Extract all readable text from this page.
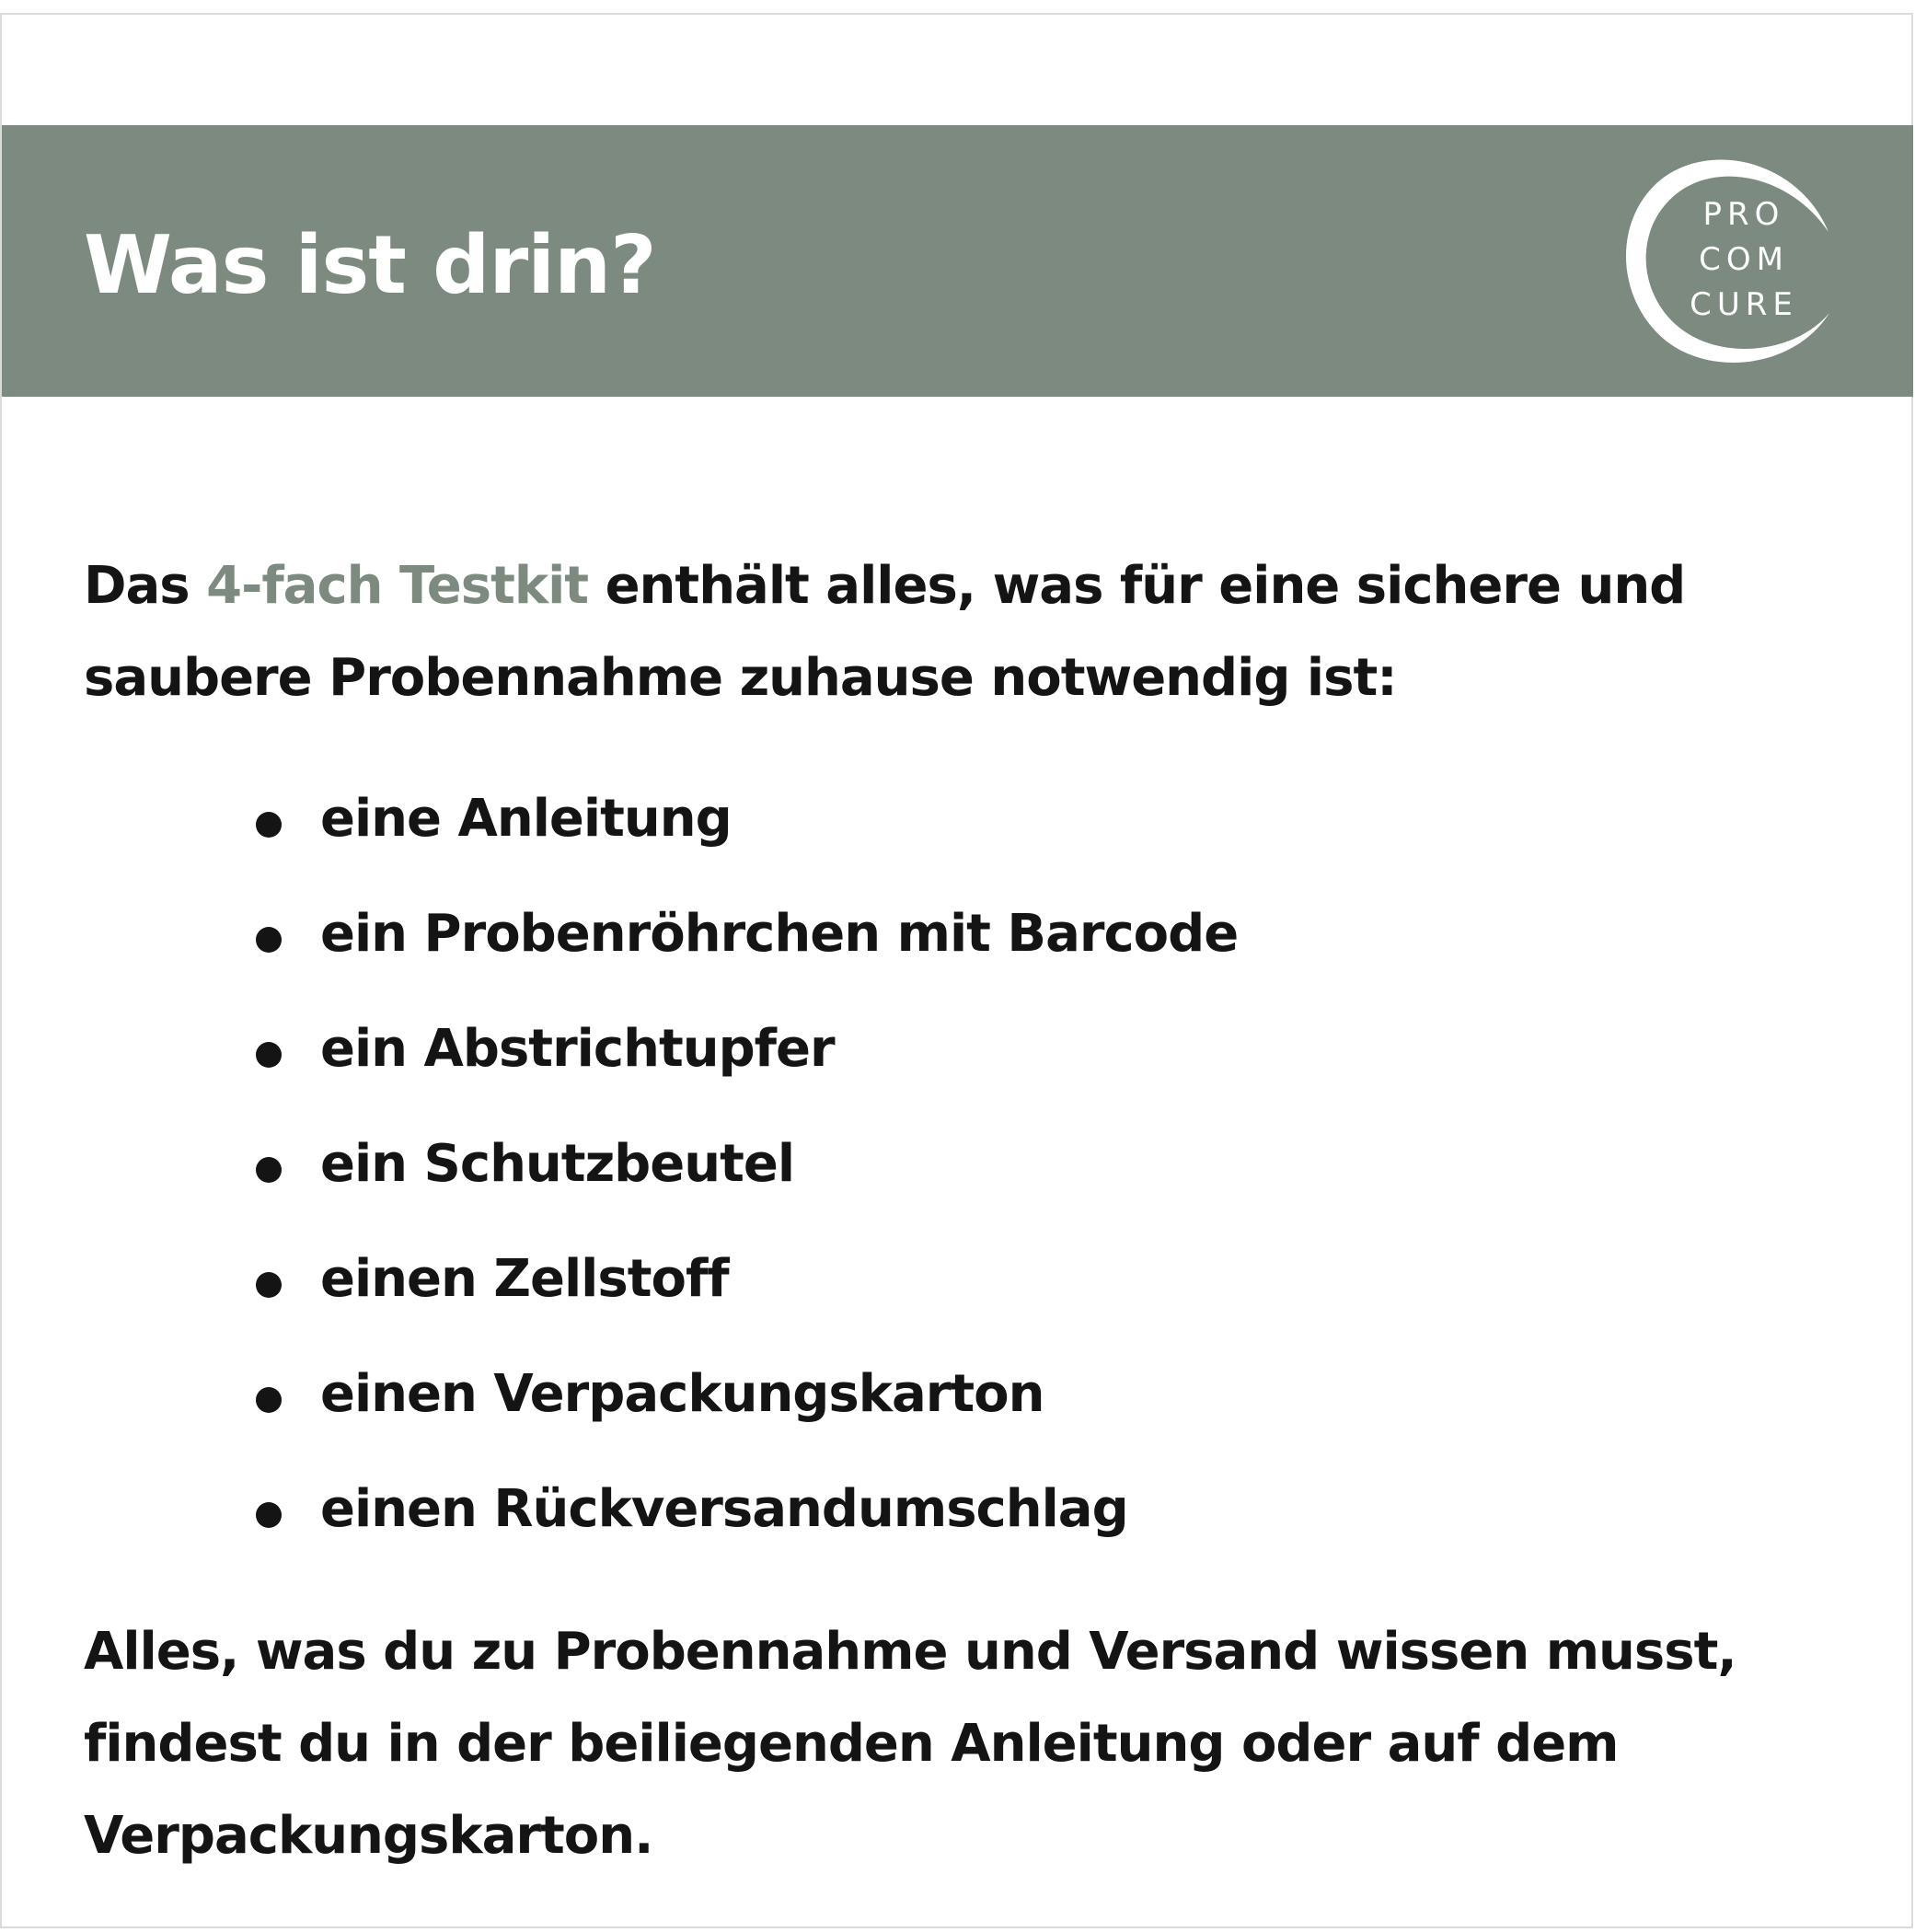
Was ist drin?
PRO
COM
CURE
Das 4-fach Testkit enthält alles, was für eine sichere und saubere Probennahme zuhause notwendig ist:
eine Anleitung
ein Probenröhrchen mit Barcode
ein Abstrichtupfer
ein Schutzbeutel
einen Zellstoff
einen Verpackungskarton
einen Rückversandumschlag
Alles, was du zu Probennahme und Versand wissen musst, findest du in der beiliegenden Anleitung oder auf dem Verpackungskarton.
